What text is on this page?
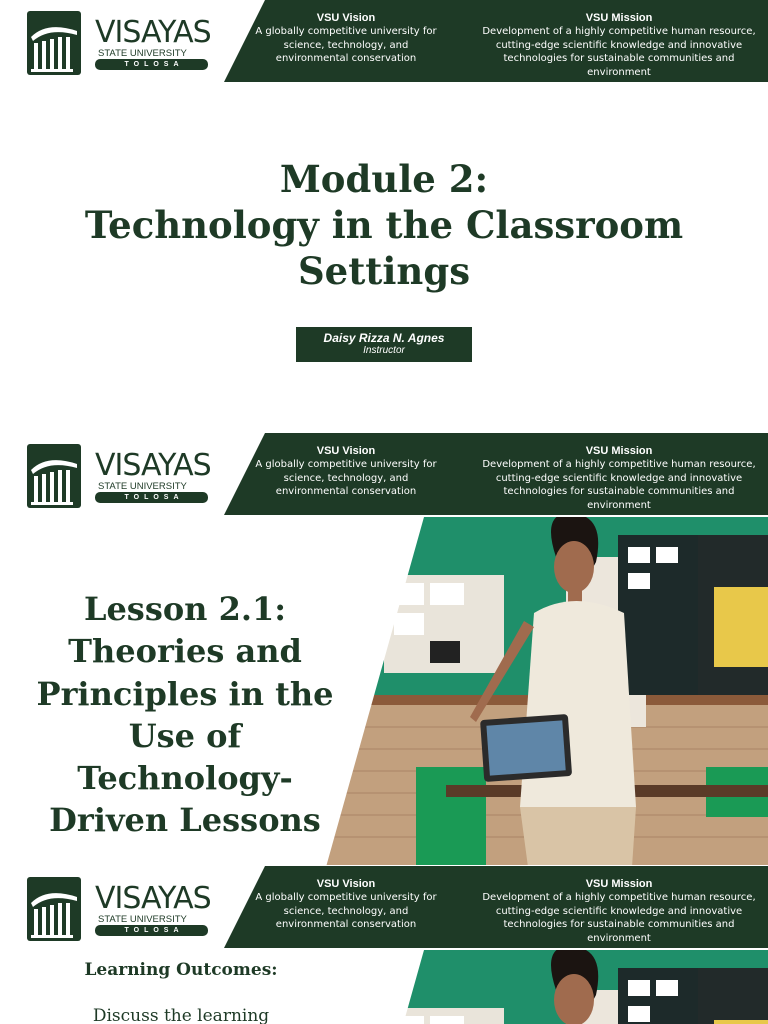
VISAYAS
STATE UNIVERSITY
TOLOSA
VSU Vision
A globally competitive university for science, technology, and environmental conservation
VSU Mission
Development of a highly competitive human resource, cutting-edge scientific knowledge and innovative technologies for sustainable communities and environment
Module 2:
Technology in the Classroom
Settings
Daisy Rizza N. Agnes
Instructor
VISAYAS
STATE UNIVERSITY
TOLOSA
VSU Vision
A globally competitive university for science, technology, and environmental conservation
VSU Mission
Development of a highly competitive human resource, cutting-edge scientific knowledge and innovative technologies for sustainable communities and environment
Lesson 2.1:
Theories and
Principles in the
Use of
Technology-
Driven Lessons
VISAYAS
STATE UNIVERSITY
TOLOSA
VSU Vision
A globally competitive university for science, technology, and environmental conservation
VSU Mission
Development of a highly competitive human resource, cutting-edge scientific knowledge and innovative technologies for sustainable communities and environment
Learning Outcomes:
Discuss the learning
